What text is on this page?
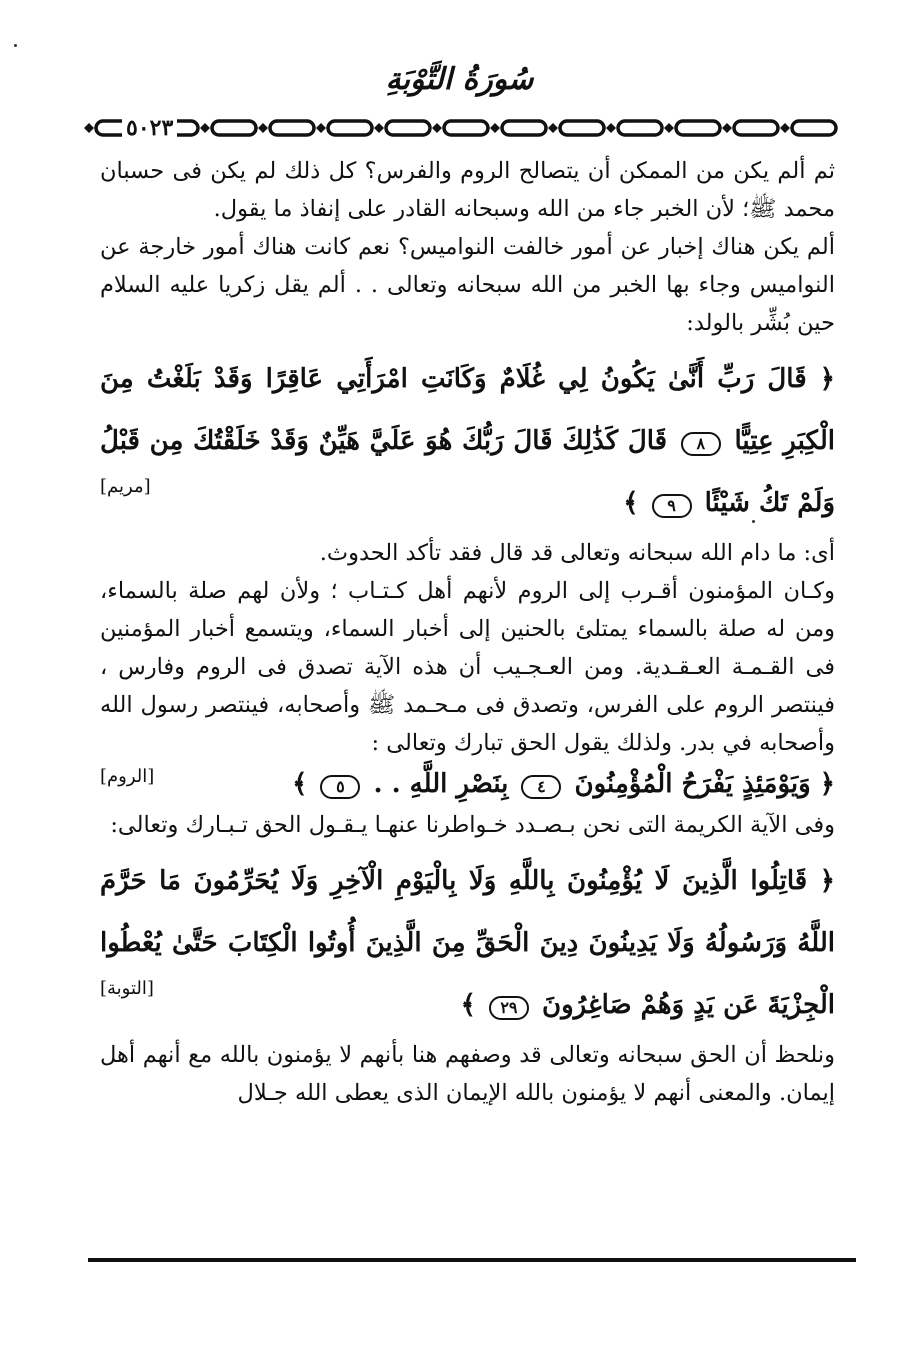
سُورَةُ التَّوْبَةِ
٥٠٢٣

ثم ألم يكن من الممكن أن يتصالح الروم والفرس؟ كل ذلك لم يكن فى حسبان محمد ﷺ؛ لأن الخبر جاء من الله وسبحانه القادر على إنفاذ ما يقول.

ألم يكن هناك إخبار عن أمور خالفت النواميس؟ نعم كانت هناك أمور خارجة عن النواميس وجاء بها الخبر من الله سبحانه وتعالى . . ألم يقل زكريا عليه السلام حين بُشِّر بالولد:

﴿ قَالَ رَبِّ أَنَّىٰ يَكُونُ لِي غُلَامٌ وَكَانَتِ امْرَأَتِي عَاقِرًا وَقَدْ بَلَغْتُ مِنَ الْكِبَرِ عِتِيًّا ٨ قَالَ كَذَٰلِكَ قَالَ رَبُّكَ هُوَ عَلَيَّ هَيِّنٌ وَقَدْ خَلَقْتُكَ مِن قَبْلُ وَلَمْ تَكُ شَيْئًا ٩ ﴾
[مريم]

أى: ما دام الله سبحانه وتعالى قد قال فقد تأكد الحدوث.

وكـان المؤمنون أقـرب إلى الروم لأنهم أهل كـتـاب ؛ ولأن لهم صلة بالسماء، ومن له صلة بالسماء يمتلئ بالحنين إلى أخبار السماء، ويتسمع أخبار المؤمنين فى القـمـة العـقـدية. ومن العـجـيب أن هذه الآية تصدق فى الروم وفارس ، فينتصر الروم على الفرس، وتصدق فى مـحـمد ﷺ وأصحابه، فينتصر رسول الله وأصحابه في بدر. ولذلك يقول الحق تبارك وتعالى :

﴿ وَيَوْمَئِذٍ يَفْرَحُ الْمُؤْمِنُونَ ٤ بِنَصْرِ اللَّهِ . . ٥ ﴾
[الروم]

وفى الآية الكريمة التى نحن بـصـدد خـواطرنا عنهـا يـقـول الحق تـبـارك وتعالى:

﴿ قَاتِلُوا الَّذِينَ لَا يُؤْمِنُونَ بِاللَّهِ وَلَا بِالْيَوْمِ الْآخِرِ وَلَا يُحَرِّمُونَ مَا حَرَّمَ اللَّهُ وَرَسُولُهُ وَلَا يَدِينُونَ دِينَ الْحَقِّ مِنَ الَّذِينَ أُوتُوا الْكِتَابَ حَتَّىٰ يُعْطُوا الْجِزْيَةَ عَن يَدٍ وَهُمْ صَاغِرُونَ ٢٩ ﴾
[التوبة]

ونلحظ أن الحق سبحانه وتعالى قد وصفهم هنا بأنهم لا يؤمنون بالله مع أنهم أهل إيمان. والمعنى أنهم لا يؤمنون بالله الإيمان الذى يعطى الله جـلال
